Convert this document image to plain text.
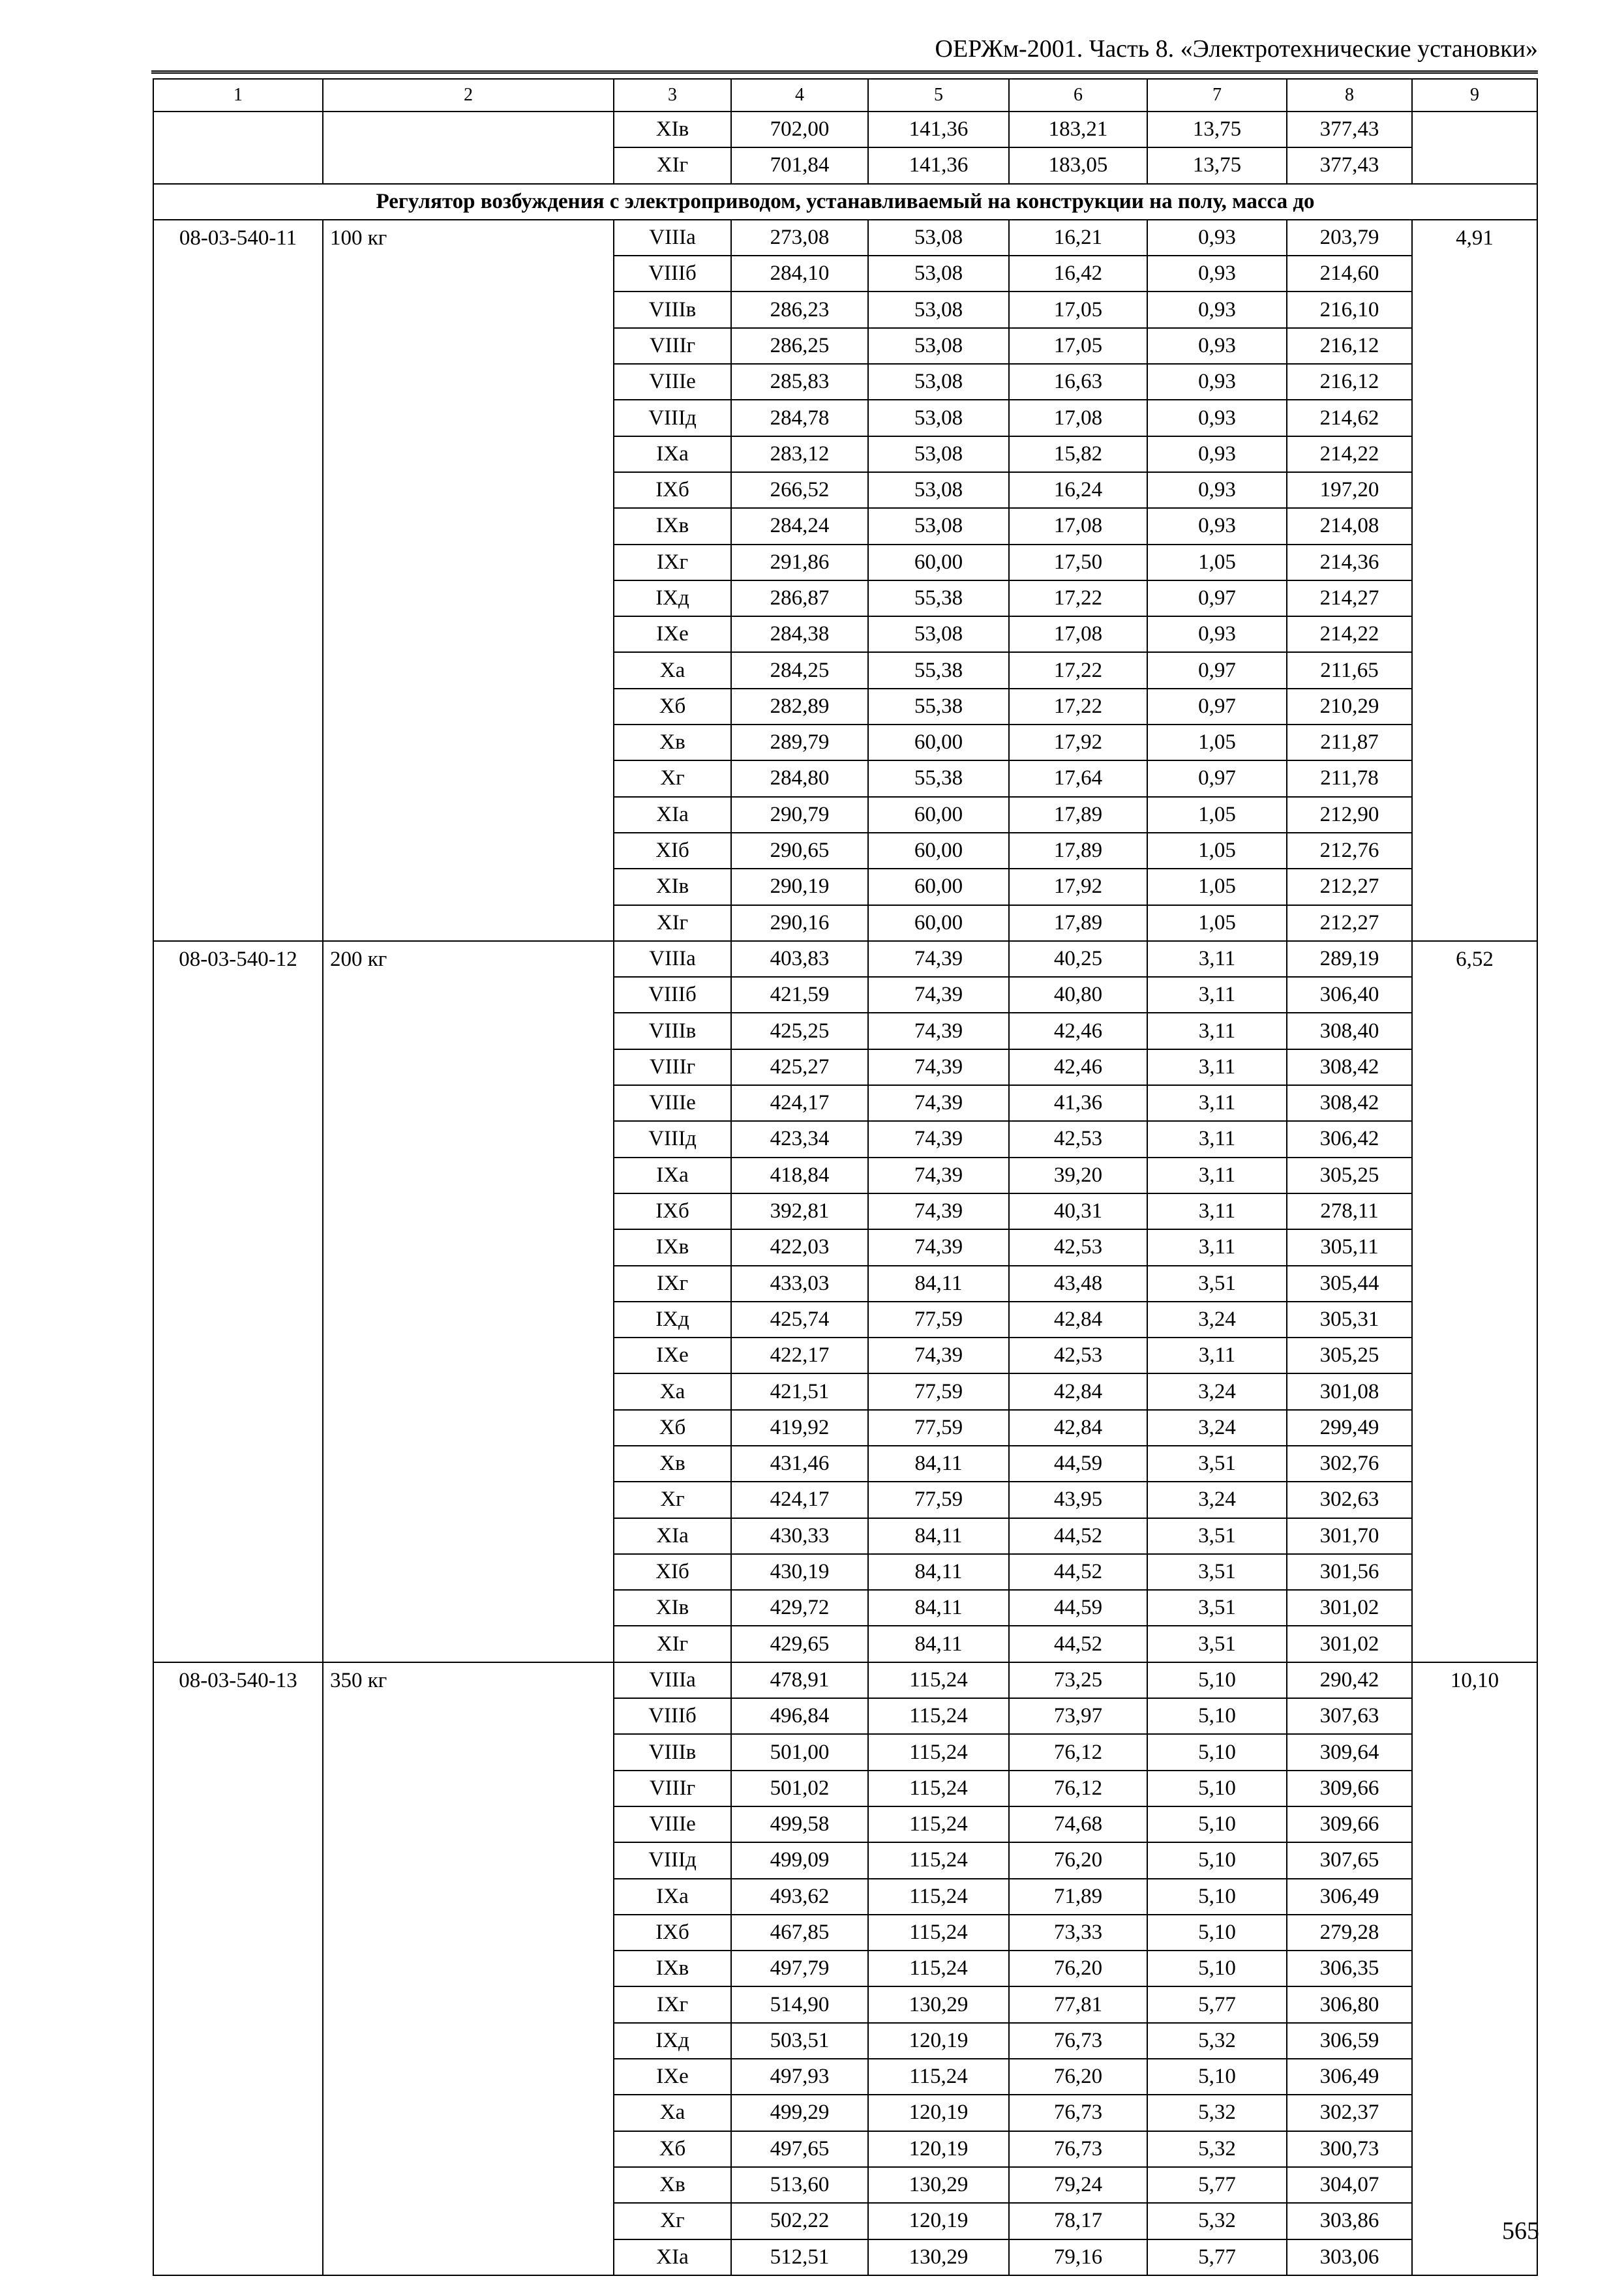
ОЕРЖм-2001. Часть 8. «Электротехнические установки»
1	2	3	4	5	6	7	8	9
		XIв	702,00	141,36	183,21	13,75	377,43	
		XIг	701,84	141,36	183,05	13,75	377,43	
Регулятор возбуждения с электроприводом, устанавливаемый на конструкции на полу, масса до								
08-03-540-11	100 кг	VIIIа	273,08	53,08	16,21	0,93	203,79	4,91
		VIIIб	284,10	53,08	16,42	0,93	214,60	
		VIIIв	286,23	53,08	17,05	0,93	216,10	
		VIIIг	286,25	53,08	17,05	0,93	216,12	
		VIIIе	285,83	53,08	16,63	0,93	216,12	
		VIIIд	284,78	53,08	17,08	0,93	214,62	
		IXа	283,12	53,08	15,82	0,93	214,22	
		IXб	266,52	53,08	16,24	0,93	197,20	
		IXв	284,24	53,08	17,08	0,93	214,08	
		IXг	291,86	60,00	17,50	1,05	214,36	
		IXд	286,87	55,38	17,22	0,97	214,27	
		IXе	284,38	53,08	17,08	0,93	214,22	
		Xа	284,25	55,38	17,22	0,97	211,65	
		Xб	282,89	55,38	17,22	0,97	210,29	
		Xв	289,79	60,00	17,92	1,05	211,87	
		Xг	284,80	55,38	17,64	0,97	211,78	
		XIа	290,79	60,00	17,89	1,05	212,90	
		XIб	290,65	60,00	17,89	1,05	212,76	
		XIв	290,19	60,00	17,92	1,05	212,27	
		XIг	290,16	60,00	17,89	1,05	212,27	
08-03-540-12	200 кг	VIIIа	403,83	74,39	40,25	3,11	289,19	6,52
		VIIIб	421,59	74,39	40,80	3,11	306,40	
		VIIIв	425,25	74,39	42,46	3,11	308,40	
		VIIIг	425,27	74,39	42,46	3,11	308,42	
		VIIIе	424,17	74,39	41,36	3,11	308,42	
		VIIIд	423,34	74,39	42,53	3,11	306,42	
		IXа	418,84	74,39	39,20	3,11	305,25	
		IXб	392,81	74,39	40,31	3,11	278,11	
		IXв	422,03	74,39	42,53	3,11	305,11	
		IXг	433,03	84,11	43,48	3,51	305,44	
		IXд	425,74	77,59	42,84	3,24	305,31	
		IXе	422,17	74,39	42,53	3,11	305,25	
		Xа	421,51	77,59	42,84	3,24	301,08	
		Xб	419,92	77,59	42,84	3,24	299,49	
		Xв	431,46	84,11	44,59	3,51	302,76	
		Xг	424,17	77,59	43,95	3,24	302,63	
		XIа	430,33	84,11	44,52	3,51	301,70	
		XIб	430,19	84,11	44,52	3,51	301,56	
		XIв	429,72	84,11	44,59	3,51	301,02	
		XIг	429,65	84,11	44,52	3,51	301,02	
08-03-540-13	350 кг	VIIIа	478,91	115,24	73,25	5,10	290,42	10,10
		VIIIб	496,84	115,24	73,97	5,10	307,63	
		VIIIв	501,00	115,24	76,12	5,10	309,64	
		VIIIг	501,02	115,24	76,12	5,10	309,66	
		VIIIе	499,58	115,24	74,68	5,10	309,66	
		VIIIд	499,09	115,24	76,20	5,10	307,65	
		IXа	493,62	115,24	71,89	5,10	306,49	
		IXб	467,85	115,24	73,33	5,10	279,28	
		IXв	497,79	115,24	76,20	5,10	306,35	
		IXг	514,90	130,29	77,81	5,77	306,80	
		IXд	503,51	120,19	76,73	5,32	306,59	
		IXе	497,93	115,24	76,20	5,10	306,49	
		Xа	499,29	120,19	76,73	5,32	302,37	
		Xб	497,65	120,19	76,73	5,32	300,73	
		Xв	513,60	130,29	79,24	5,77	304,07	
		Xг	502,22	120,19	78,17	5,32	303,86	
		XIа	512,51	130,29	79,16	5,77	303,06	
565
